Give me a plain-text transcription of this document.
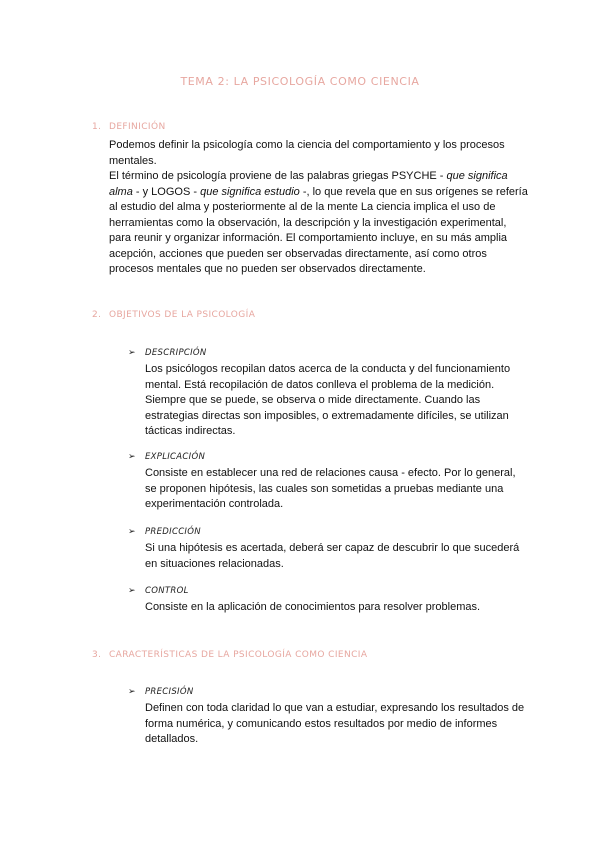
TEMA 2: LA PSICOLOGÍA COMO CIENCIA
1. DEFINICIÓN

Podemos definir la psicología como la ciencia del comportamiento y los procesos mentales.

El término de psicología proviene de las palabras griegas PSYCHE - que significa alma - y LOGOS - que significa estudio -, lo que revela que en sus orígenes se refería al estudio del alma y posteriormente al de la mente La ciencia implica el uso de herramientas como la observación, la descripción y la investigación experimental, para reunir y organizar información. El comportamiento incluye, en su más amplia acepción, acciones que pueden ser observadas directamente, así como otros procesos mentales que no pueden ser observados directamente.

2. OBJETIVOS DE LA PSICOLOGÍA
➢ DESCRIPCIÓN
Los psicólogos recopilan datos acerca de la conducta y del funcionamiento mental. Está recopilación de datos conlleva el problema de la medición. Siempre que se puede, se observa o mide directamente. Cuando las estrategias directas son imposibles, o extremadamente difíciles, se utilizan tácticas indirectas.
➢ EXPLICACIÓN
Consiste en establecer una red de relaciones causa - efecto. Por lo general, se proponen hipótesis, las cuales son sometidas a pruebas mediante una experimentación controlada.
➢ PREDICCIÓN
Si una hipótesis es acertada, deberá ser capaz de descubrir lo que sucederá en situaciones relacionadas.
➢ CONTROL
Consiste en la aplicación de conocimientos para resolver problemas.
3. CARACTERÍSTICAS DE LA PSICOLOGÍA COMO CIENCIA
➢ PRECISIÓN
Definen con toda claridad lo que van a estudiar, expresando los resultados de forma numérica, y comunicando estos resultados por medio de informes detallados.
